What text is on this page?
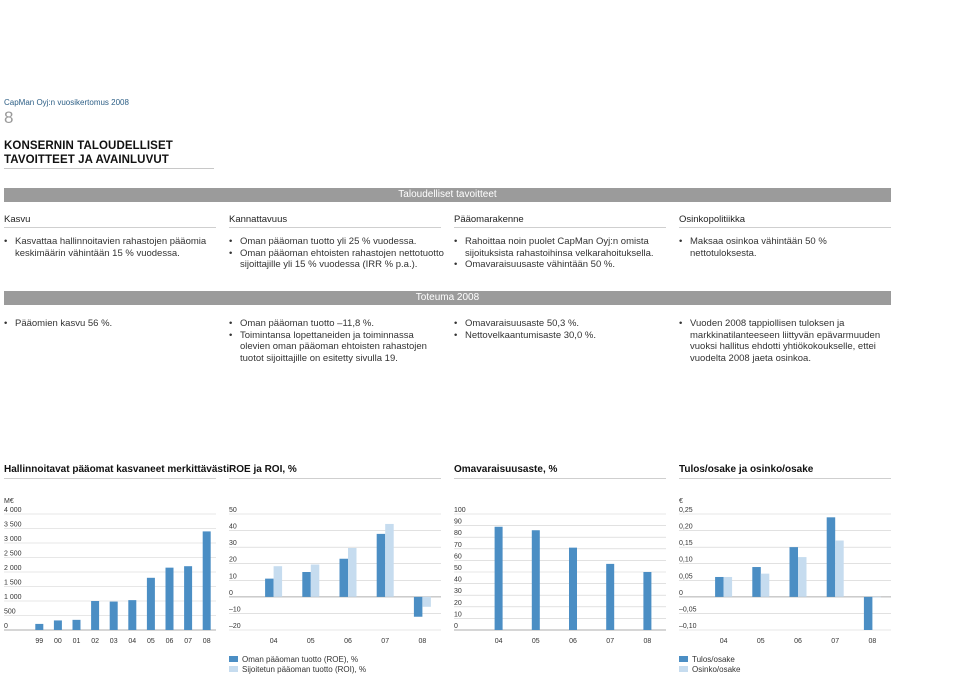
CapMan Oyj:n vuosikertomus 2008
8
KONSERNIN TALOUDELLISET TAVOITTEET JA AVAINLUVUT
Taloudelliset tavoitteet
Kasvu	Kannattavuus	Pääomarakenne	Osinkopolitiikka
• Kasvattaa hallinnoitavien rahastojen pääomia keskimäärin vähintään 15 % vuodessa.
• Oman pääoman tuotto yli 25 % vuodessa.
• Oman pääoman ehtoisten rahastojen nettotuotto sijoittajille yli 15 % vuodessa (IRR % p.a.).
• Rahoittaa noin puolet CapMan Oyj:n omista sijoituksista rahastoihinsa velkarahoituksella.
• Omavaraisuusaste vähintään 50 %.
• Maksaa osinkoa vähintään 50 % nettotuloksesta.
Toteuma 2008
• Pääomien kasvu 56 %.
•	Oman pääoman tuotto –11,8 %.
• Toimintansa lopettaneiden ja toiminnassa olevien oman pääoman ehtoisten rahastojen tuotot sijoittajille on esitetty sivulla 19.
• Omavaraisuusaste 50,3 %.
• Nettovelkaantumisaste 30,0 %.
• Vuoden 2008 tappiollisen tuloksen ja markkinatilanteeseen liittyvän epävarmuuden vuoksi hallitus ehdotti yhtiökokoukselle, ettei vuodelta 2008 jaeta osinkoa.
Hallinnoitavat pääomat kasvaneet merkittävästi ROE ja ROI, %	Omavaraisuusaste, %	Tulos/osake ja osinko/osake
M€
0
500
1 000
1 500
2 000
2 500
3 000
3 500
4 000
99 00 01 02 03 04 05 06 07 08
–20
–10
0
10
20
30
40
50
04	05	06	07	08
0
10
20
30
40
50
60
70
80
90
100
04	05	06	07	08
€
–0,10
–0,05
0
0,05
0,10
0,15
0,20
0,25
04	05	06	07	08
Oman pääoman tuotto (ROE), %
Sijoitetun pääoman tuotto (ROI), %
Tulos/osake
Osinko/osake
